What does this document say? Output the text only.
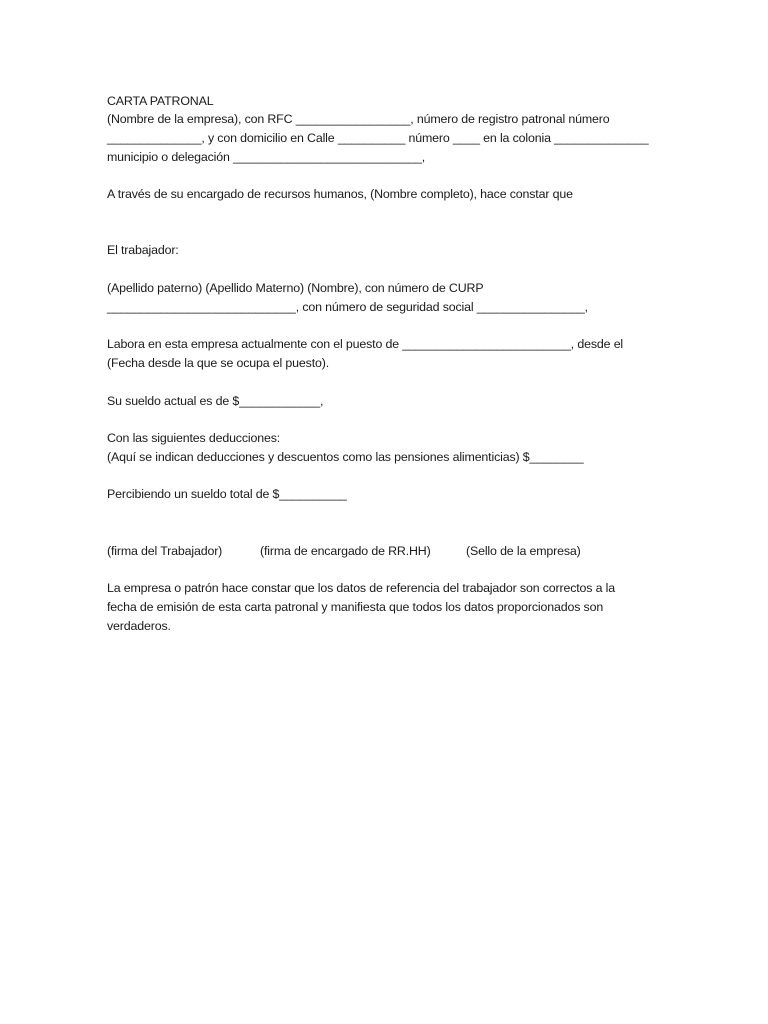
CARTA PATRONAL
(Nombre de la empresa), con RFC _________________, número de registro patronal número
______________, y con domicilio en Calle __________ número ____ en la colonia ______________
municipio o delegación ____________________________,
A través de su encargado de recursos humanos, (Nombre completo), hace constar que
El trabajador:
(Apellido paterno) (Apellido Materno) (Nombre), con número de CURP
____________________________, con número de seguridad social ________________,
Labora en esta empresa actualmente con el puesto de _________________________, desde el
(Fecha desde la que se ocupa el puesto).
Su sueldo actual es de $____________,
Con las siguientes deducciones:
(Aquí se indican deducciones y descuentos como las pensiones alimenticias) $________
Percibiendo un sueldo total de $__________
(firma del Trabajador)	(firma de encargado de RR.HH)	(Sello de la empresa)
La empresa o patrón hace constar que los datos de referencia del trabajador son correctos a la
fecha de emisión de esta carta patronal y manifiesta que todos los datos proporcionados son
verdaderos.
